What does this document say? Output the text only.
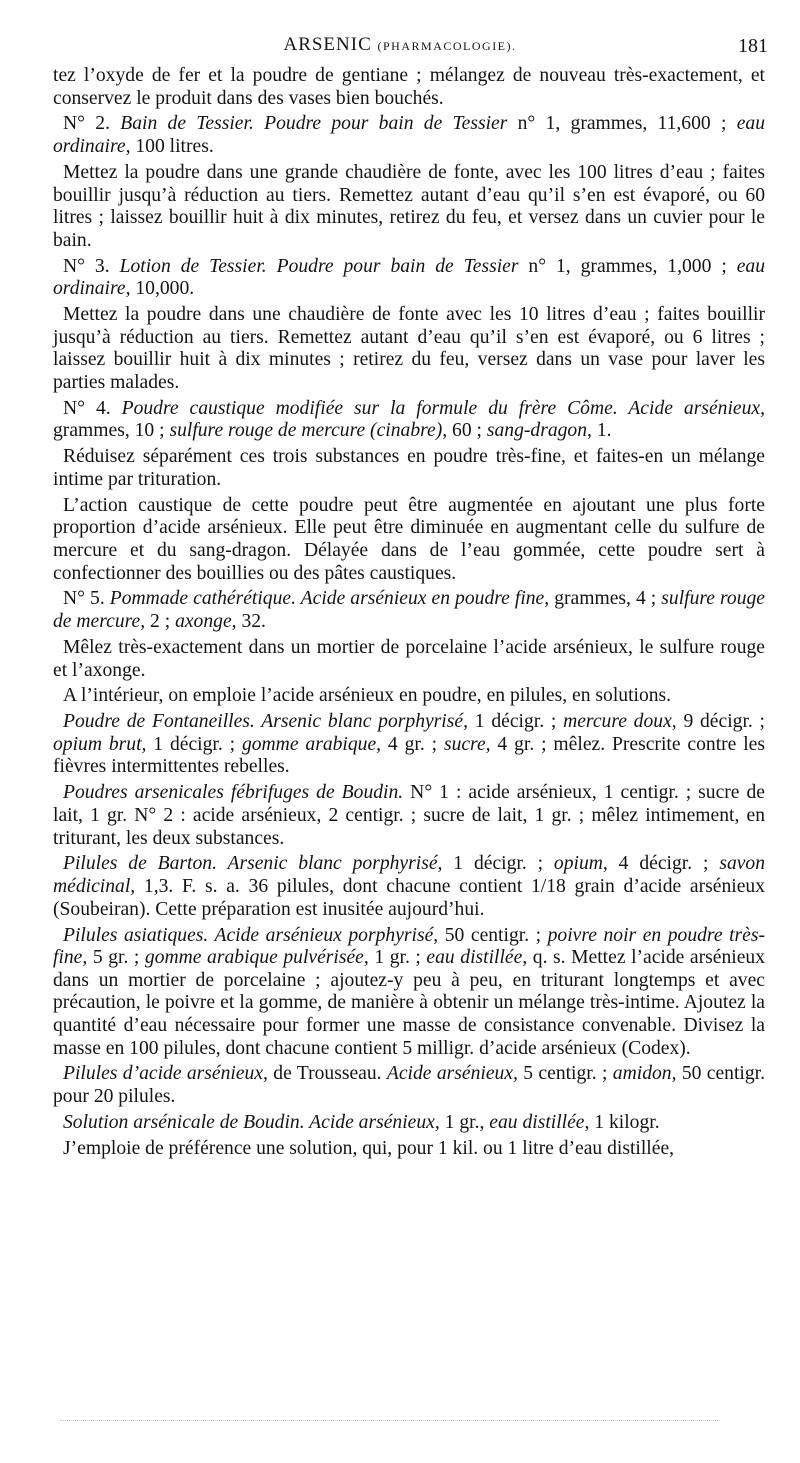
ARSENIC (PHARMACOLOGIE).	181

tez l’oxyde de fer et la poudre de gentiane ; mélangez de nouveau très-exactement, et conservez le produit dans des vases bien bouchés.

N° 2. Bain de Tessier. Poudre pour bain de Tessier n° 1, grammes, 11,600 ; eau ordinaire, 100 litres.

Mettez la poudre dans une grande chaudière de fonte, avec les 100 litres d’eau ; faites bouillir jusqu’à réduction au tiers. Remettez autant d’eau qu’il s’en est évaporé, ou 60 litres ; laissez bouillir huit à dix minutes, retirez du feu, et versez dans un cuvier pour le bain.

N° 3. Lotion de Tessier. Poudre pour bain de Tessier n° 1, grammes, 1,000 ; eau ordinaire, 10,000.

Mettez la poudre dans une chaudière de fonte avec les 10 litres d’eau ; faites bouillir jusqu’à réduction au tiers. Remettez autant d’eau qu’il s’en est évaporé, ou 6 litres ; laissez bouillir huit à dix minutes ; retirez du feu, versez dans un vase pour laver les parties malades.

N° 4. Poudre caustique modifiée sur la formule du frère Côme. Acide arsénieux, grammes, 10 ; sulfure rouge de mercure (cinabre), 60 ; sang-dragon, 1.

Réduisez séparément ces trois substances en poudre très-fine, et faites-en un mélange intime par trituration.

L’action caustique de cette poudre peut être augmentée en ajoutant une plus forte proportion d’acide arsénieux. Elle peut être diminuée en augmentant celle du sulfure de mercure et du sang-dragon. Délayée dans de l’eau gommée, cette poudre sert à confectionner des bouillies ou des pâtes caustiques.

N° 5. Pommade cathérétique. Acide arsénieux en poudre fine, grammes, 4 ; sulfure rouge de mercure, 2 ; axonge, 32.

Mêlez très-exactement dans un mortier de porcelaine l’acide arsénieux, le sulfure rouge et l’axonge.

A l’intérieur, on emploie l’acide arsénieux en poudre, en pilules, en solutions.

Poudre de Fontaneilles. Arsenic blanc porphyrisé, 1 décigr. ; mercure doux, 9 décigr. ; opium brut, 1 décigr. ; gomme arabique, 4 gr. ; sucre, 4 gr. ; mêlez. Prescrite contre les fièvres intermittentes rebelles.

Poudres arsenicales fébrifuges de Boudin. N° 1 : acide arsénieux, 1 centigr. ; sucre de lait, 1 gr. N° 2 : acide arsénieux, 2 centigr. ; sucre de lait, 1 gr. ; mêlez intimement, en triturant, les deux substances.

Pilules de Barton. Arsenic blanc porphyrisé, 1 décigr. ; opium, 4 décigr. ; savon médicinal, 1,3. F. s. a. 36 pilules, dont chacune contient 1/18 grain d’acide arsénieux (Soubeiran). Cette préparation est inusitée aujourd’hui.

Pilules asiatiques. Acide arsénieux porphyrisé, 50 centigr. ; poivre noir en poudre très-fine, 5 gr. ; gomme arabique pulvérisée, 1 gr. ; eau distillée, q. s. Mettez l’acide arsénieux dans un mortier de porcelaine ; ajoutez-y peu à peu, en triturant longtemps et avec précaution, le poivre et la gomme, de manière à obtenir un mélange très-intime. Ajoutez la quantité d’eau nécessaire pour former une masse de consistance convenable. Divisez la masse en 100 pilules, dont chacune contient 5 milligr. d’acide arsénieux (Codex).

Pilules d’acide arsénieux, de Trousseau. Acide arsénieux, 5 centigr. ; amidon, 50 centigr. pour 20 pilules.

Solution arsénicale de Boudin. Acide arsénieux, 1 gr., eau distillée, 1 kilogr.

J’emploie de préférence une solution, qui, pour 1 kil. ou 1 litre d’eau distillée,
